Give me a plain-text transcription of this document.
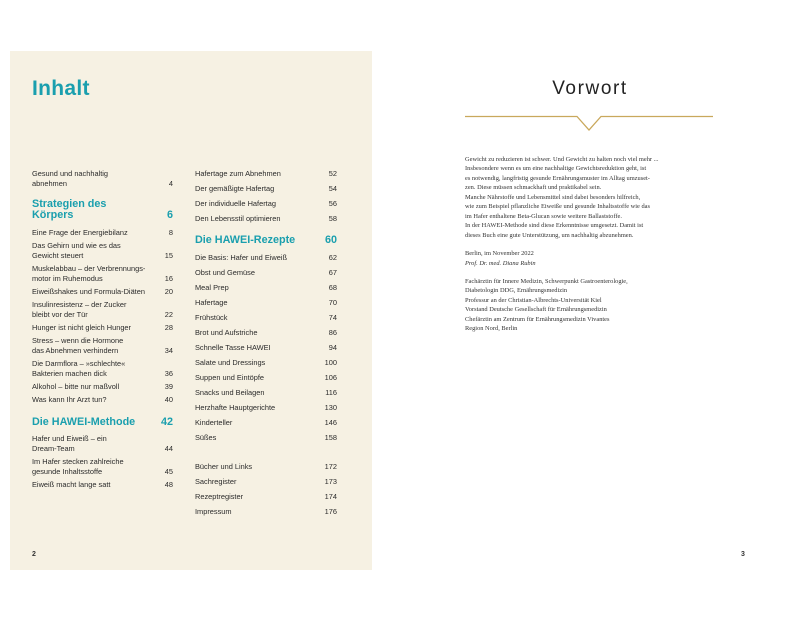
Inhalt
Gesund und nachhaltig
abnehmen	4
Strategien des
Körpers	6
Eine Frage der Energiebilanz	8
Das Gehirn und wie es das
Gewicht steuert	15
Muskelabbau – der Verbrennungs-
motor im Ruhemodus	16
Eiweißshakes und Formula-Diäten	20
Insulinresistenz – der Zucker
bleibt vor der Tür	22
Hunger ist nicht gleich Hunger	28
Stress – wenn die Hormone
das Abnehmen verhindern	34
Die Darmflora – »schlechte«
Bakterien machen dick	36
Alkohol – bitte nur maßvoll	39
Was kann Ihr Arzt tun?	40
Die HAWEI-Methode 42
Hafer und Eiweiß – ein
Dream-Team	44
Im Hafer stecken zahlreiche
gesunde Inhaltsstoffe	45
Eiweiß macht lange satt	48
Hafertage zum Abnehmen	52
Der gemäßigte Hafertag	54
Der individuelle Hafertag	56
Den Lebensstil optimieren	58
Die HAWEI-Rezepte	60
Die Basis: Hafer und Eiweiß	62
Obst und Gemüse	67
Meal Prep	68
Hafertage	70
Frühstück	74
Brot und Aufstriche	86
Schnelle Tasse HAWEI	94
Salate und Dressings	100
Suppen und Eintöpfe	106
Snacks und Beilagen	116
Herzhafte Hauptgerichte	130
Kinderteller	146
Süßes	158
Bücher und Links	172
Sachregister	173
Rezeptregister	174
Impressum	176
2
Vorwort
Gewicht zu reduzieren ist schwer. Und Gewicht zu halten noch viel mehr ...
Insbesondere wenn es um eine nachhaltige Gewichtsreduktion geht, ist
es notwendig, langfristig gesunde Ernährungsmuster im Alltag umzuset-
zen. Diese müssen schmackhaft und praktikabel sein.
Manche Nährstoffe und Lebensmittel sind dabei besonders hilfreich,
wie zum Beispiel pflanzliche Eiweiße und gesunde Inhaltsstoffe wie das
im Hafer enthaltene Beta-Glucan sowie weitere Ballaststoffe.
In der HAWEI-Methode sind diese Erkenntnisse umgesetzt. Damit ist
dieses Buch eine gute Unterstützung, um nachhaltig abzunehmen.
Berlin, im November 2022
Prof. Dr. med. Diana Rubin
Fachärztin für Innere Medizin, Schwerpunkt Gastroenterologie,
Diabetologin DDG, Ernährungsmedizin
Professur an der Christian-Albrechts-Universität Kiel
Vorstand Deutsche Gesellschaft für Ernährungsmedizin
Chefärztin am Zentrum für Ernährungsmedizin Vivantes
Region Nord, Berlin
3
